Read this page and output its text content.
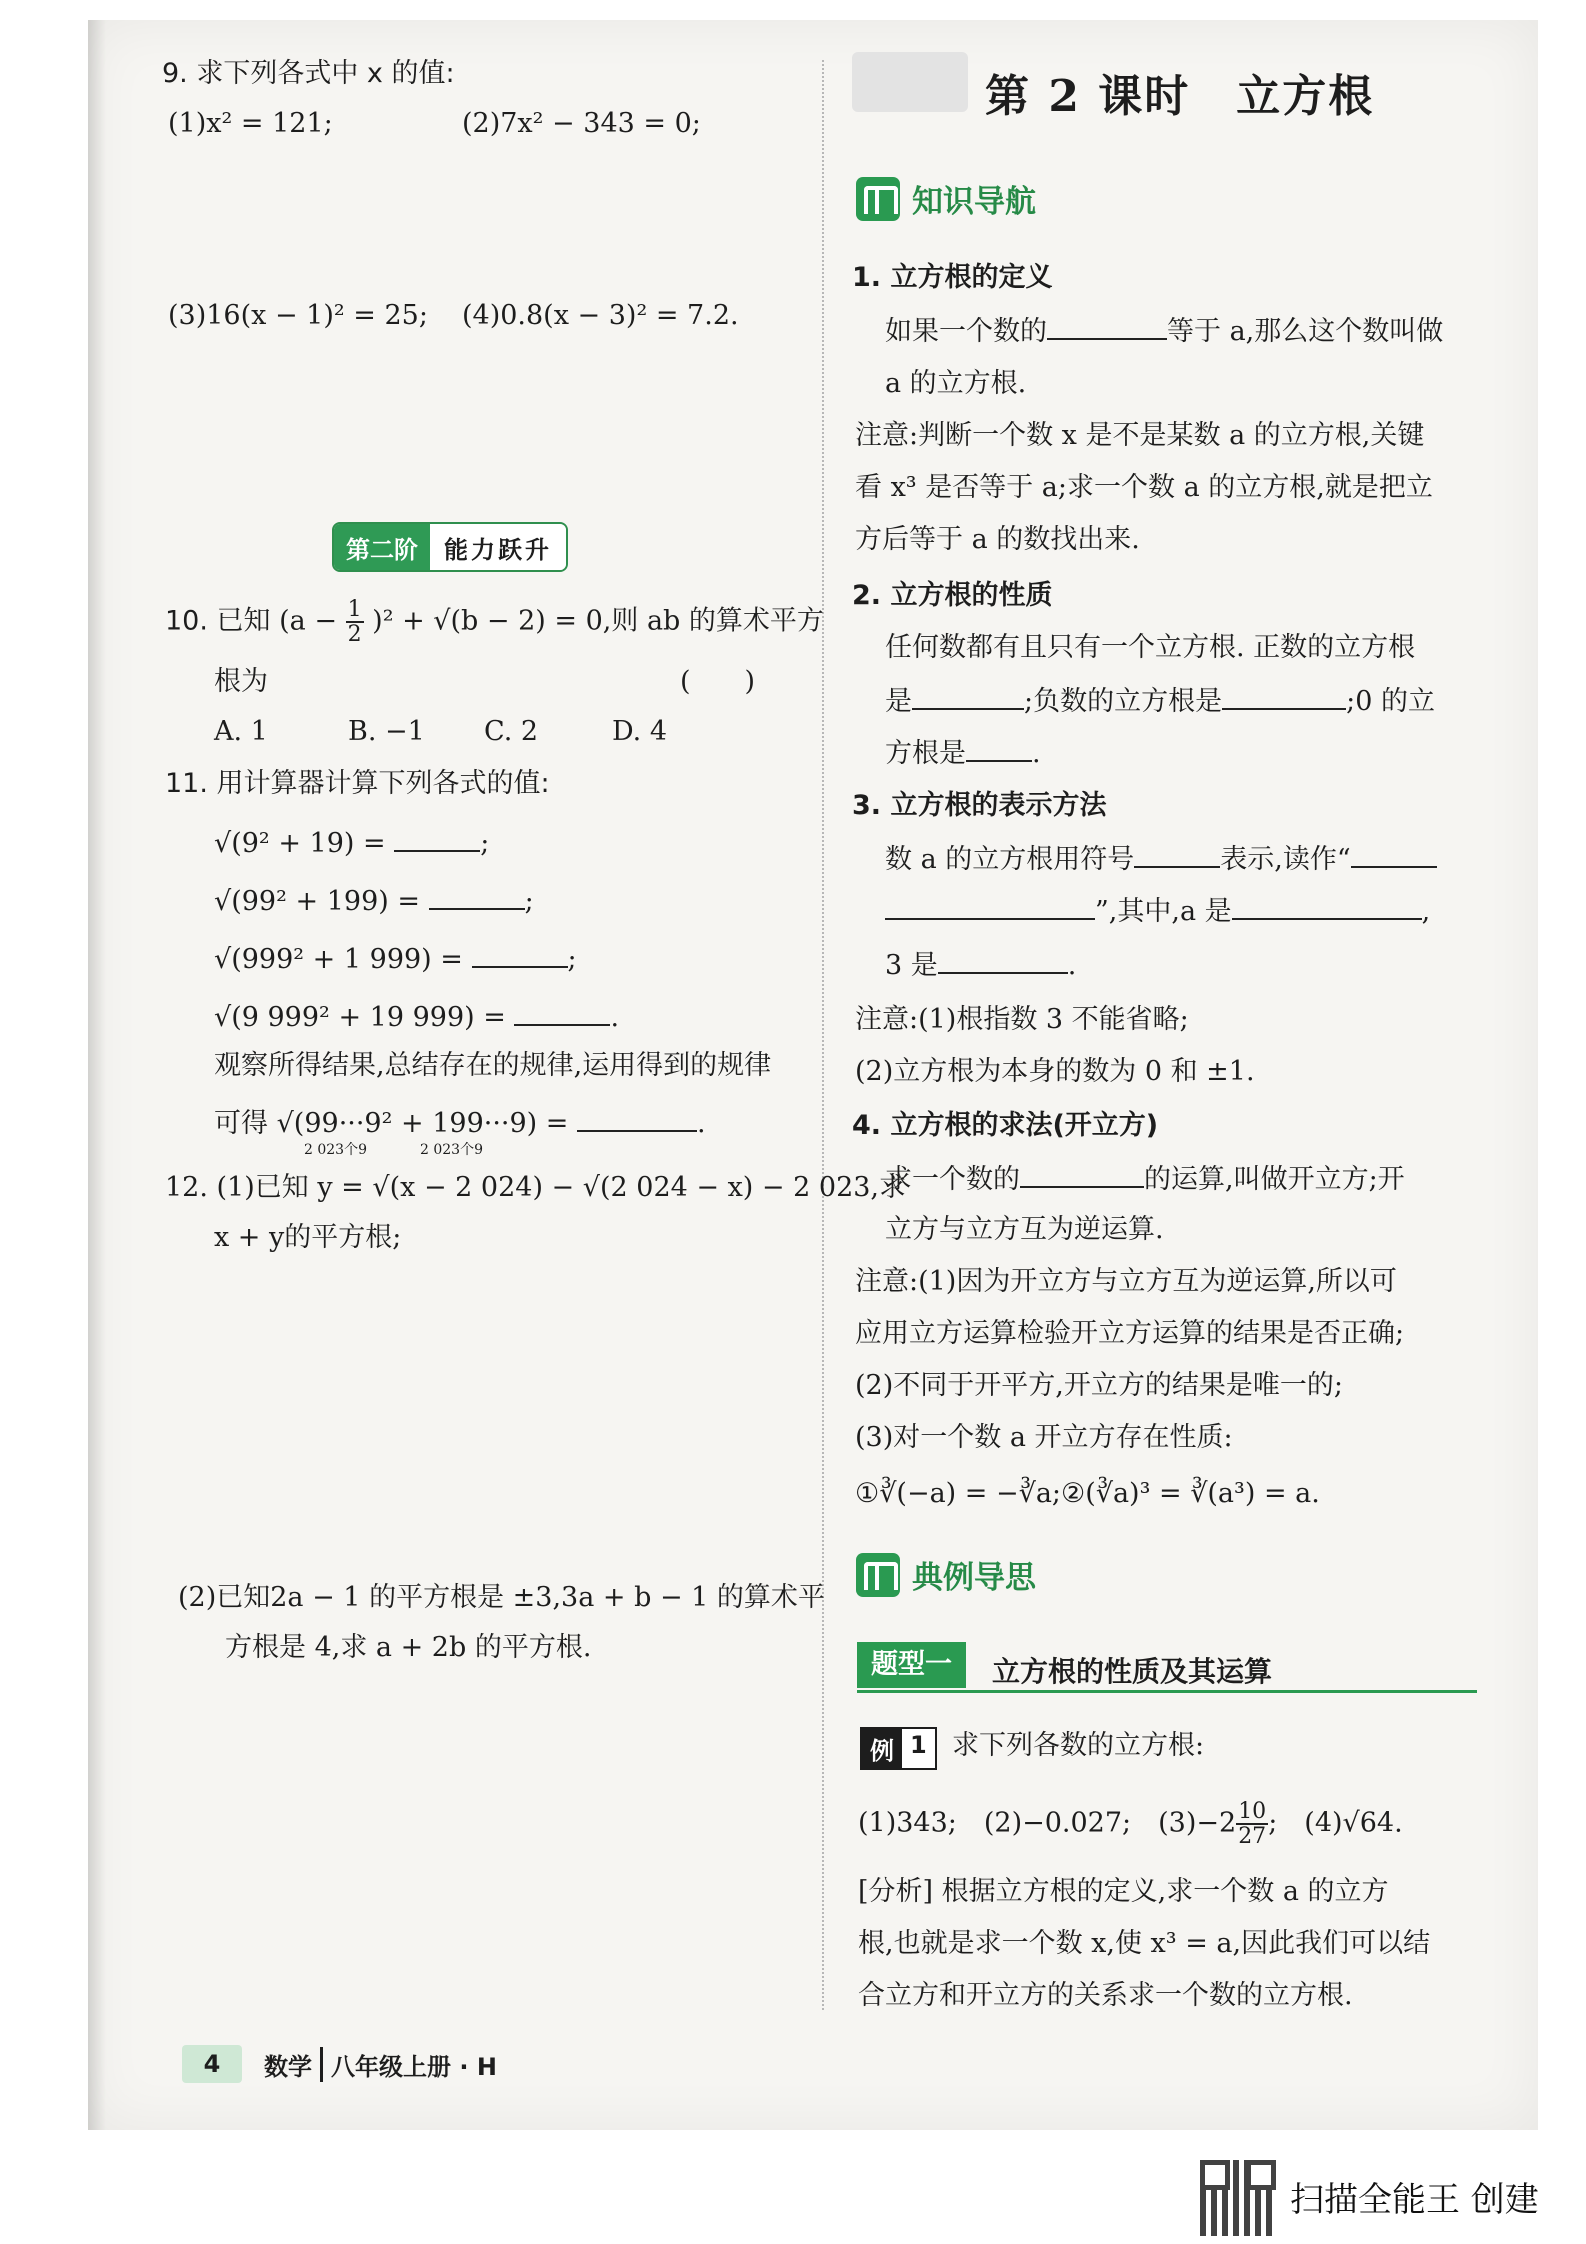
9. 求下列各式中 x 的值:
(1)x² = 121;	(2)7x² − 343 = 0;
(3)16(x − 1)² = 25; (4)0.8(x − 3)² = 7.2.
第二阶	能力跃升
10. 已知 $(a - \frac{1}{2} )^2 + √(b - 2) = 0$,则 ab 的算术平方
根为	(　　)
A. 1	B. −1 C. 2	D. 4
11. 用计算器计算下列各式的值:
√(9² + 19) =	;
√(99² + 199) =	;
√(999² + 1 999) =	;
√(9 999² + 19 999) =	.
观察所得结果,总结存在的规律,运用得到的规律
可得 √(99···9² + 199···9) =	.
2 023个9	2 023个9
12. (1)已知 y = √(x − 2 024) − √(2 024 − x) − 2 023,求
x + y的平方根;
(2)已知2a − 1 的平方根是 ±3,3a + b − 1 的算术平
方根是 4,求 a + 2b 的平方根.
4	数学 八年级上册 · H
第 2 课时　立方根
知识导航
1. 立方根的定义
如果一个数的	等于 a,那么这个数叫做
a 的立方根.
注意:判断一个数 x 是不是某数 a 的立方根,关键
看 x³ 是否等于 a;求一个数 a 的立方根,就是把立
方后等于 a 的数找出来.
2. 立方根的性质
任何数都有且只有一个立方根. 正数的立方根
是	;负数的立方根是	;0 的立
方根是 .
3. 立方根的表示方法
数 a 的立方根用符号	表示,读作“
”,其中,a 是	,
3 是	.
注意:(1)根指数 3 不能省略;
(2)立方根为本身的数为 0 和 ±1.
4. 立方根的求法(开立方)
求一个数的	的运算,叫做开立方;开
立方与立方互为逆运算.
注意:(1)因为开立方与立方互为逆运算,所以可
应用立方运算检验开立方运算的结果是否正确;
(2)不同于开平方,开立方的结果是唯一的;
(3)对一个数 a 开立方存在性质:
①∛(−a) = −∛a;②(∛a)³ = ∛(a³) = a.
典例导思
题型一	立方根的性质及其运算
例 1 求下列各数的立方根:
(1)343;　(2)−0.027;　$(3)-2 \frac{10}{27}$ ;　(4)√64.
[分析] 根据立方根的定义,求一个数 a 的立方
根,也就是求一个数 x,使 x³ = a,因此我们可以结
合立方和开立方的关系求一个数的立方根.
扫描全能王 创建
